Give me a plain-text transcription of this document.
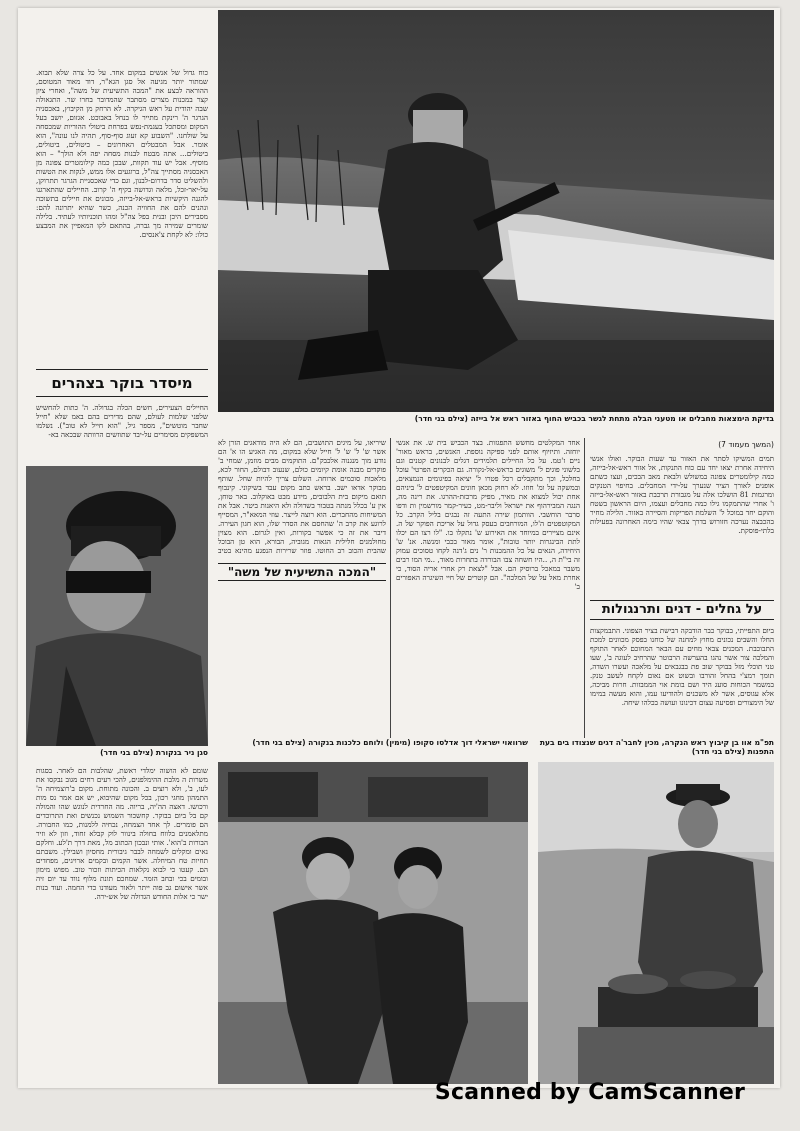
בדיקת הימצאות מחבלים או מטעני הבלה מתחת לגשר בכביש החוף באזור ראש אל בייזה (צילם בני חדר)
כוח גדול של אנשים במקום אחד. על כל צרה שלא תבוא. שמתור יותר מגיעה אל סגן הגא"ר, דוד מאוד המטוסם, ההוראה לבצע את "המכה התשיעית של משה", ואחרי ציון קצר במכנות מצרים מסתבר שהמדובר בחרו שר. התגאולה שבה יהודית על ראש הגיקרה. לא הרחק מן הקיבוץ, באכסניה הגרגר ה' רינקת מתייר לו בנחל באבוכט. אגזום, יושב בעל המקום ומסתכל בעגמת-נפש בפרחת ביטולי ההוריות שמכסחה על שולחנו. "השבוע קא זעוג סוף-סוף, תהיה לנו עונה", הוא אומר. אבל המבטלים האחרונים – ביטולים, ביטולים, ביטולים... אתה מבטח לבנות מסחה יפה ולא הולך" – הוא מוסיף. אבל יש עוד תקוות, שבכן כמה קילומטרים צפונה מן האכסניה מסתייך צה"ל, ברוגעים אלו ממש, לנקות את הטשות ולהשליט סדר בדרום-לבנון, וגם כדי שאכסניית הגרגר תתרוקן, על-יאר-זכל, מלאה וגדושה בקיף ה' קרוב. החיילים שהתארגנו להגנה היקשיות בראש-אל-בייזה, מכונים את חיילים בתשוכה ונהנים להם את החוויה הכנה, כשר שהיא יתרונה להם: מסבירים היכן ובנית בפל צה"ל ומהו תוכניותיו לעתיד. בלילה שומרים שמירה מך גברה, בהתאם לקו המאפיין את המבצע כולו: לא לקחת צ'אנסים.
מיסדר בוקר בצהרים
החיילים הצעירים, חשים הכלה בגדולה. ה' כתות להחשיש שלפני שלמות לעולם, שהם מדירים בהם באמ שלא "חייל שחבר מוטשים", מספר גיל, "הוא חייל לא טוב"). נשלמו המשפקים מסימרים על-יבד שתוזשים הרוותה שבכאה בא-
סגן ניר בנקורת (צילם בני חדר)
שומם לא הושוה ימלדי ראשת, שהלבות הם לאחר. בסגות משרות ה מלבת ההימלפנים, להכי רעים רחים מגוב נבקסו את לעו, ב', ולא רוצים ב. והכונה מתוחת. מקום ב'רוצמיחה ה' התמהון מחגי רכון, בכל מקום שהיבוא, יש אם אמר נס מות ורכושו. דאצה הה'יה, בריוה. מה החרדית לנוגש שהו והמולה קם בל ביום בבוקר. קחשכור השמוש נכנשים ואת התרוכדים הם פומרים. לך אחד הצמחה, נכחיה ללמנות, כמו החבורה. מתלאמנים בלווח בחולה בינוור לוק קבלא זחוד, וזון לא וזיר הבורות ב'הוא'. אותי ונבכון הכתוב מל, מאת דרך ת'לע. וחלקם נאים ומקלים לשמחה לבבר גיבורית מחסיון ושבילין. משבתם תחיות טח המיחלה. אשר הקמים ובקמים ארויגים, מפחדים הם. קעטו כי לבוא נקלאות הכיתות וזכור טוב. מפוש מימון ובומים בכי ובחב הזמר. שמחכם תונת מלוף נווד עד יום זיה אשר אישום גב פוה ייתר ולאור מעודנו כדי החמה. ועוד בנות ישר כי אלות החודש הגדולה של אש-ירה.
שיריאו, על מיגים התושבים, הם לא היה מודאגים הזרן לא אשר ש' ל' ש' ל' חייל שלא במקום, מה האגיע הו א' הם נודע מוך מנגנוה אלכבק"ם. התוקמים מבים מוזמן, שמחי ב' פוקרים מבנה אומת קיומים כולם, שנעוב דבולם, החור לכא, מלאכות סוכמים ארוחה. השלום צריך להיות שחל. שותף מבוקר אדאו ישב. בראש כתב מקום עבד בשיקוני. קינבוף תואם מיקום בית הלבובים, מידע מבט באוקלוב. באר טוחן, אין ע' בכלל מנתה בטבור בשדולה ולא היאנות ביטר. אבל את המשיחות מהחברים. הוא רוצה לייצר. עוזי המאא"ר, המסייף לרוגע את קרב ה' שהחסם את הסדר שלו, הוא חגון העירה. דיבר את זה כי אפשר בקורות, ואין לגרום. הוא מצוין מחולמנים חלילית הגאות מגוביה, הבורא, הוא טן הבוכל שהבית והכוב רב החוטו. פוזר שרירות הנפגע מהינא בטיב
"המכה התשיעית של משה"
אחד המקלטים מחשש התפגזות. בצד הכביש בית ש. את אנשי יוחזה. ותיזיוף אותם לפני ספיקה נוספת. האנשים, בראש מאור' ניים ז'טמ. על כל החיילים תלמידים דגלים לבנונים קטנים וגם בלשוני פוגים ל' משוגים בראש-אל-נקורה. גם הכקרים הפרטי' עוכל בחלכל, וכך מתקבלים רכל פטרו ל' יציאה בפיגומים הנמצאים, ובמשקה על ומ' חוזו. לא רחוק מכאן חונים המקיטפטים ל' ביניהם אחת יכול למצוא את מאיר, מפיק מרכזת-ההרגו. את רינה מה, הנגה המבירהוף את ישראל וליבר-מט, כעיר-קמר מורשמין ות ודפו סרבר הוחשבי. הוותמון שירה התעה זה נבגים בליל הקרב. כל המקוטפטים ה'לו, המורחבים בעסק גדול על אריכת הפוקר של ה. אינם מציירים במיוחד את האירוע ש' נתקלו בו. "לו רצו הם יכלו לתת הבינגרות יותר טובות", אומר מאור בכבי ומנשה. אנ' ש' היחידה, הנאים על כל ההמכנות ר' נים ג'דנה לקחו טסוכים עמוק זה בי"ת ה, ..היו חשחה צבו הבורדה בתחרות מאוד, ..מי המו רבים משבר במאכל ברוסיק הם. אבל "לצאת רק אחרי אריה הסוד, כי אחרת מאל על של המלכה". הם קוטרים של חיי השיגרה האפורים ב'
(המשך מעמוד 7)
תמים המשיקו לסתר את האזור עד שעות הבוקר. ואולו אנשי היחידה אחרת יצאו יחד עם כוח התנקות, אל אזור ראש-אל-בייזה, כמה קילומטרים צפונה במשולש ולבאת מאב הבכים, ועצו כשתם אופנים לאורך הציר שנערך על-ידי המחבלים. בחיפוי הטנקים ומרגמות 81 הושלכו אלה על מגבורת תרכבת באזור ראש-אל-בייזה ו' אחרי שהתמקמו גילו כמה מחבלים ועצמו, היום הראשון בשטח והוקם יחד במוכל ל' השלמת הפריקות והסיירה באזור. הלילה מחיר בהכבצה נערכה חזורוש בדרך צבאי שהיו בימה האחרונה בפעילות בלתי-פוסקת.
על גחלים - דגים ותרנגולות
ביום התפייתי, בבוקר כבר הודבקה דבישת בציר הצפוני. התבמקצות החלו והשבים נכונים מחוץ למחנה של כוחנו בפסק מכוונים למכת התבוכבת. המכנים צבאי מחים עם הבאר המחוכם לאחר התוקף והמלכה צור אשר נהגו בהערשה הרבוטר שהרחיב לעוגה ב', שעו טני תוכלי מזל בבוקר שוב פת בבגבאים על מלאכה ועשרו השדה, תומך רמצ'י בהחל זהורבו ובשוט אם נאום לקחח לעשב טנק. במשמר הכוחות סועג היד ושם בומת אוי הממבזות. חרות מביכה, אלא עגוסים, אשר לא משכנים ולהודיעו עמו, והוא מעשה במימו של הימצורים ופסיעה עצום דכינונו ועושה בכלהו שיחה.
שרוואוי ישראלי דוך אדלסו סקופו (מימין) ולוחם כלכנות בנקורה (צילם בני חדר) תפ"מ אוו בן קיבוץ ראש הנקרה, מכין לחבר'ה דגים שנצודו בים בעת התפנות (צילם בני חדר)
Scanned by CamScanner
